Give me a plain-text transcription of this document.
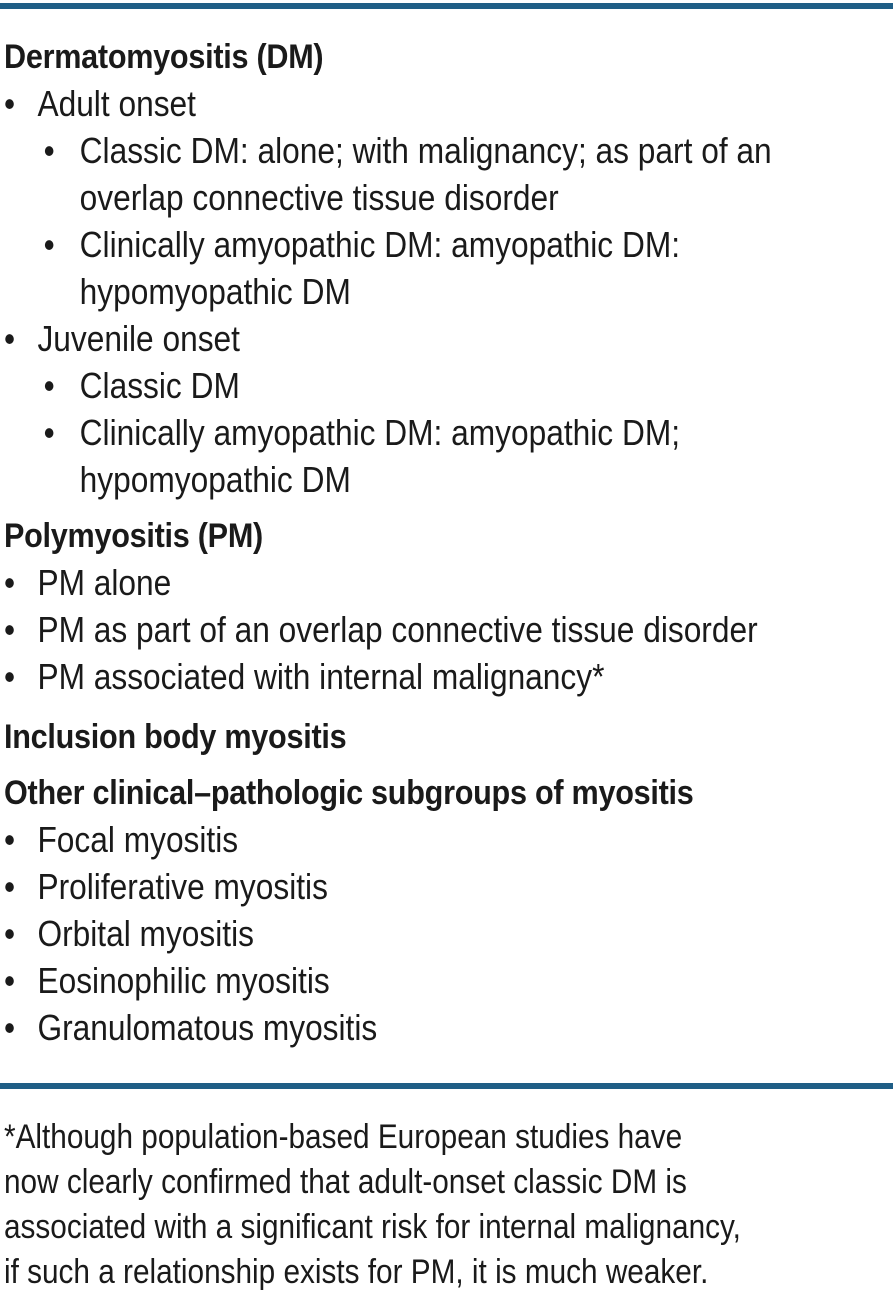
Dermatomyositis (DM)
• Adult onset
• Classic DM: alone; with malignancy; as part of an
overlap connective tissue disorder
• Clinically amyopathic DM: amyopathic DM:
hypomyopathic DM
• Juvenile onset
• Classic DM
• Clinically amyopathic DM: amyopathic DM;
hypomyopathic DM
Polymyositis (PM)
• PM alone
• PM as part of an overlap connective tissue disorder
• PM associated with internal malignancy*
Inclusion body myositis
Other clinical–pathologic subgroups of myositis
• Focal myositis
• Proliferative myositis
• Orbital myositis
• Eosinophilic myositis
• Granulomatous myositis
*Although population-based European studies have
now clearly confirmed that adult-onset classic DM is
associated with a significant risk for internal malignancy,
if such a relationship exists for PM, it is much weaker.
